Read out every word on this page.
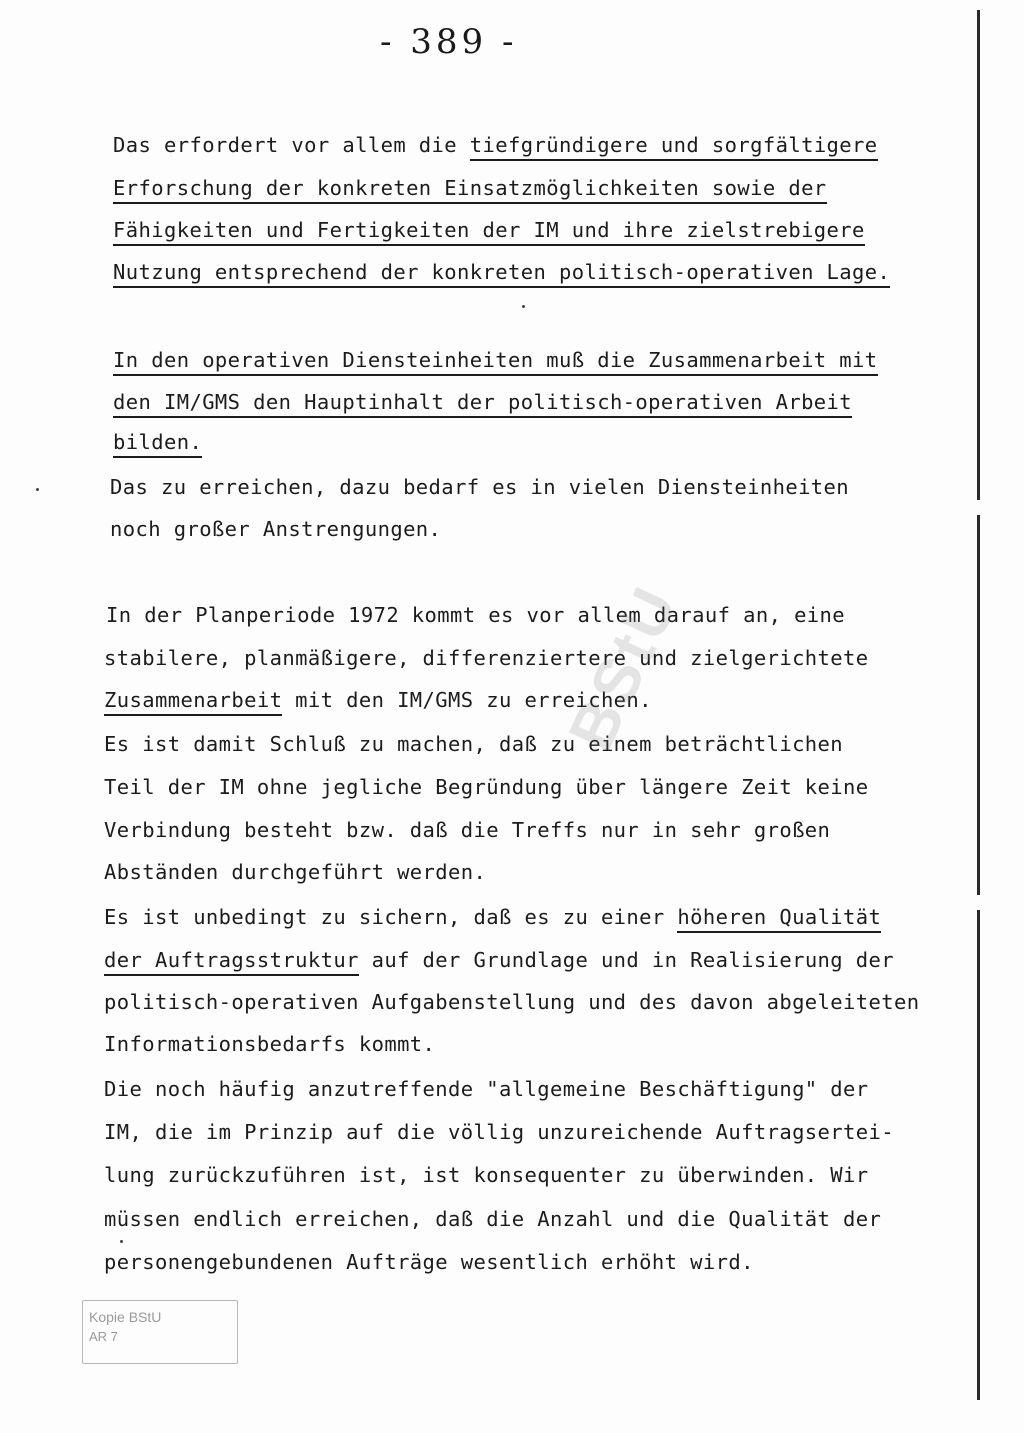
- 389 -
Das erfordert vor allem die tiefgründigere und sorgfältigere
Erforschung der konkreten Einsatzmöglichkeiten sowie der
Fähigkeiten und Fertigkeiten der IM und ihre zielstrebigere
Nutzung entsprechend der konkreten politisch-operativen Lage.
In den operativen Diensteinheiten muß die Zusammenarbeit mit
den IM/GMS den Hauptinhalt der politisch-operativen Arbeit
bilden.
Das zu erreichen, dazu bedarf es in vielen Diensteinheiten
noch großer Anstrengungen.
In der Planperiode 1972 kommt es vor allem darauf an, eine
stabilere, planmäßigere, differenziertere und zielgerichtete
Zusammenarbeit mit den IM/GMS zu erreichen.
Es ist damit Schluß zu machen, daß zu einem beträchtlichen
Teil der IM ohne jegliche Begründung über längere Zeit keine
Verbindung besteht bzw. daß die Treffs nur in sehr großen
Abständen durchgeführt werden.
Es ist unbedingt zu sichern, daß es zu einer höheren Qualität
der Auftragsstruktur auf der Grundlage und in Realisierung der
politisch-operativen Aufgabenstellung und des davon abgeleiteten
Informationsbedarfs kommt.
Die noch häufig anzutreffende "allgemeine Beschäftigung" der
IM, die im Prinzip auf die völlig unzureichende Auftragsertei-
lung zurückzuführen ist, ist konsequenter zu überwinden. Wir
müssen endlich erreichen, daß die Anzahl und die Qualität der
personengebundenen Aufträge wesentlich erhöht wird.
BStU
Kopie BStU
AR 7
